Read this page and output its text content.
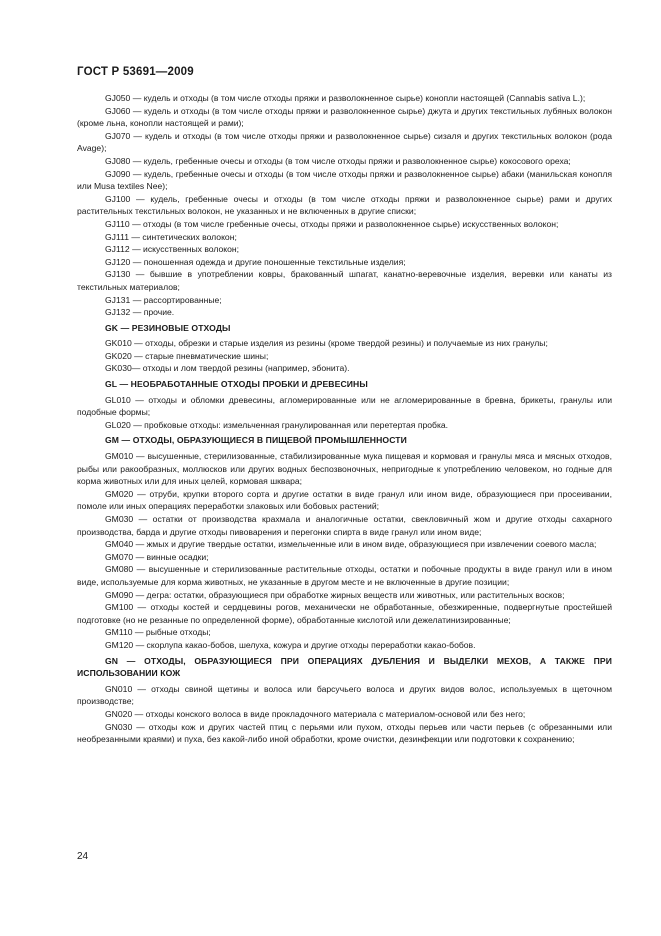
ГОСТ Р 53691—2009

GJ050 — кудель и отходы (в том числе отходы пряжи и разволокненное сырье) конопли настоящей (Cannabis sativa L.);

GJ060 — кудель и отходы (в том числе отходы пряжи и разволокненное сырье) джута и других текстильных лубяных волокон (кроме льна, конопли настоящей и рами);

GJ070 — кудель и отходы (в том числе отходы пряжи и разволокненное сырье) сизаля и других текстильных волокон (рода Avage);

GJ080 — кудель, гребенные очесы и отходы (в том числе отходы пряжи и разволокненное сырье) кокосового ореха;

GJ090 — кудель, гребенные очесы и отходы (в том числе отходы пряжи и разволокненное сырье) абаки (манильская конопля или Musa textiles Nee);

GJ100 — кудель, гребенные очесы и отходы (в том числе отходы пряжи и разволокненное сырье) рами и других растительных текстильных волокон, не указанных и не включенных в другие списки;

GJ110 — отходы (в том числе гребенные очесы, отходы пряжи и разволокненное сырье) искусственных волокон;

GJ111 — синтетических волокон;

GJ112 — искусственных волокон;

GJ120 — поношенная одежда и другие поношенные текстильные изделия;

GJ130 — бывшие в употреблении ковры, бракованный шпагат, канатно-веревочные изделия, веревки или канаты из текстильных материалов;

GJ131 — рассортированные;

GJ132 — прочие.

GK — РЕЗИНОВЫЕ ОТХОДЫ

GK010 — отходы, обрезки и старые изделия из резины (кроме твердой резины) и получаемые из них гранулы;

GK020 — старые пневматические шины;

GK030— отходы и лом твердой резины (например, эбонита).

GL — НЕОБРАБОТАННЫЕ ОТХОДЫ ПРОБКИ И ДРЕВЕСИНЫ

GL010 — отходы и обломки древесины, агломерированные или не агломерированные в бревна, брикеты, гранулы или подобные формы;

GL020 — пробковые отходы: измельченная гранулированная или перетертая пробка.

GM — ОТХОДЫ, ОБРАЗУЮЩИЕСЯ В ПИЩЕВОЙ ПРОМЫШЛЕННОСТИ

GM010 — высушенные, стерилизованные, стабилизированные мука пищевая и кормовая и гранулы мяса и мясных отходов, рыбы или ракообразных, моллюсков или других водных беспозвоночных, непригодные к употреблению человеком, но годные для корма животных или для иных целей, кормовая шквара;

GM020 — отруби, крупки второго сорта и другие остатки в виде гранул или ином виде, образующиеся при просеивании, помоле или иных операциях переработки злаковых или бобовых растений;

GM030 — остатки от производства крахмала и аналогичные остатки, свекловичный жом и другие отходы сахарного производства, барда и другие отходы пивоварения и перегонки спирта в виде гранул или ином виде;

GM040 — жмых и другие твердые остатки, измельченные или в ином виде, образующиеся при извлечении соевого масла;

GM070 — винные осадки;

GM080 — высушенные и стерилизованные растительные отходы, остатки и побочные продукты в виде гранул или в ином виде, используемые для корма животных, не указанные в другом месте и не включенные в другие позиции;

GM090 — дегра: остатки, образующиеся при обработке жирных веществ или животных, или растительных восков;

GM100 — отходы костей и сердцевины рогов, механически не обработанные, обезжиренные, подвергнутые простейшей подготовке (но не резанные по определенной форме), обработанные кислотой или дежелатинизированные;

GM110 — рыбные отходы;

GM120 — скорлупа какао-бобов, шелуха, кожура и другие отходы переработки какао-бобов.

GN — ОТХОДЫ, ОБРАЗУЮЩИЕСЯ ПРИ ОПЕРАЦИЯХ ДУБЛЕНИЯ И ВЫДЕЛКИ МЕХОВ, А ТАКЖЕ ПРИ ИСПОЛЬЗОВАНИИ КОЖ

GN010 — отходы свиной щетины и волоса или барсучьего волоса и других видов волос, используемых в щеточном производстве;

GN020 — отходы конского волоса в виде прокладочного материала с материалом-основой или без него;

GN030 — отходы кож и других частей птиц с перьями или пухом, отходы перьев или части перьев (с обрезанными или необрезанными краями) и пуха, без какой-либо иной обработки, кроме очистки, дезинфекции или подготовки к сохранению;

24
